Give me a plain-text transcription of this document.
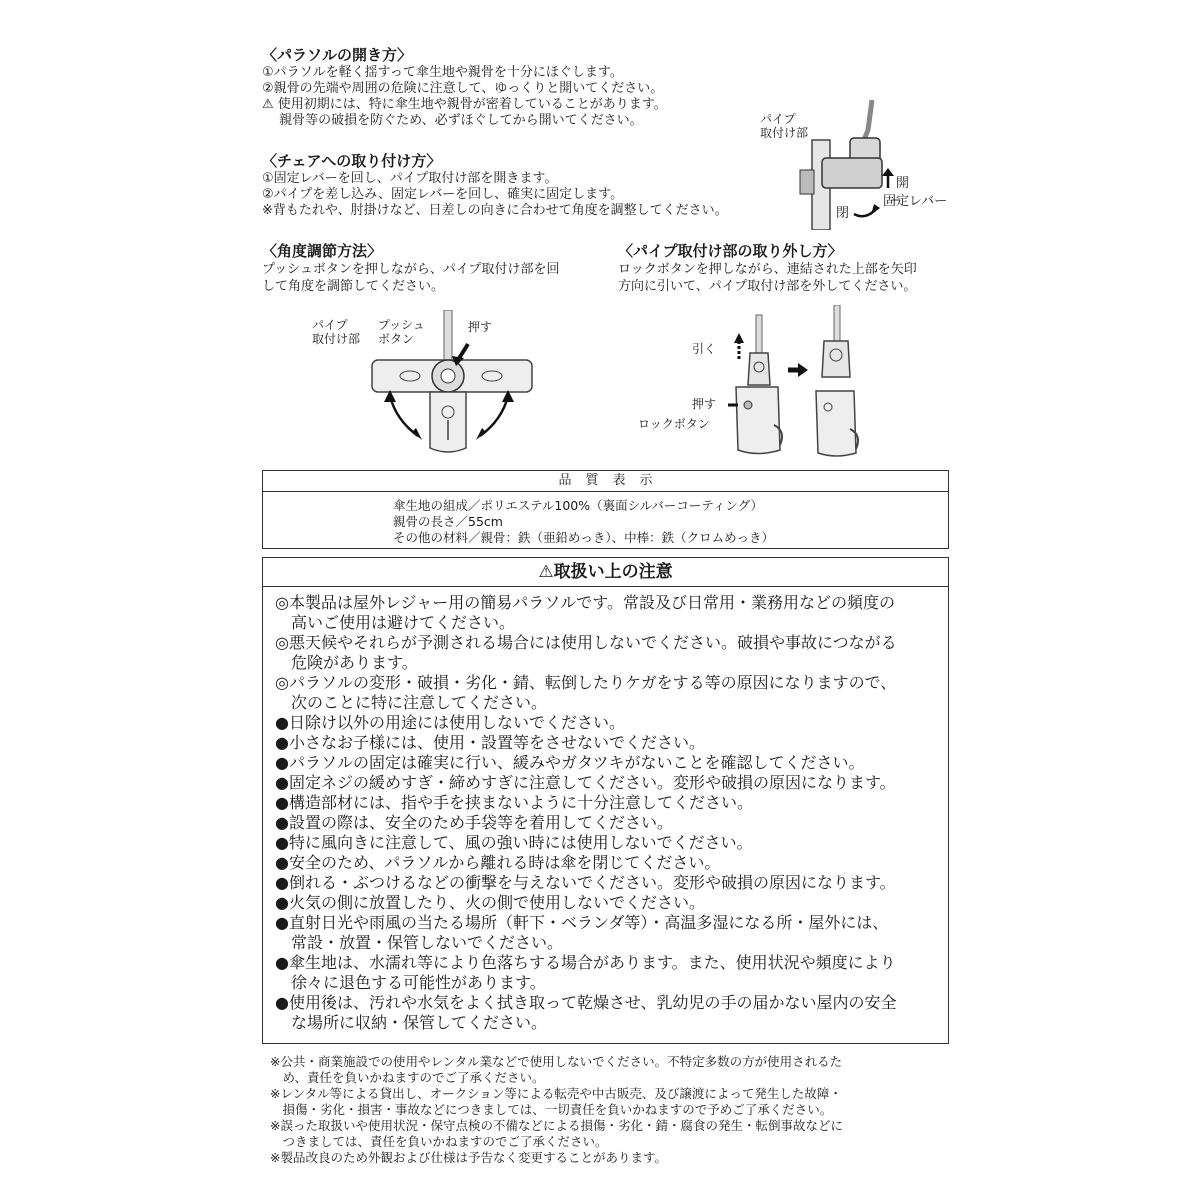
〈パラソルの開き方〉
①パラソルを軽く揺すって傘生地や親骨を十分にほぐします。
②親骨の先端や周囲の危険に注意して、ゆっくりと開いてください。
⚠ 使用初期には、特に傘生地や親骨が密着していることがあります。
　 親骨等の破損を防ぐため、必ずほぐしてから開いてください。
〈チェアへの取り付け方〉
①固定レバーを回し、パイプ取付け部を開きます。
②パイプを差し込み、固定レバーを回し、確実に固定します。
※背もたれや、肘掛けなど、日差しの向きに合わせて角度を調整してください。
パイプ
取付け部
開
閉
固定レバー
〈角度調節方法〉
プッシュボタンを押しながら、パイプ取付け部を回
して角度を調節してください。
パイプ
取付け部
プッシュ
ボタン
押す
〈パイプ取付け部の取り外し方〉
ロックボタンを押しながら、連結された上部を矢印
方向に引いて、パイプ取付け部を外してください。
引く
押す
ロックボタン
品質表示
傘生地の組成／ポリエステル100%（裏面シルバーコーティング）
親骨の長さ／55cm
その他の材料／親骨：鉄（亜鉛めっき）、中棒：鉄（クロムめっき）
⚠取扱い上の注意
◎本製品は屋外レジャー用の簡易パラソルです。常設及び日常用・業務用などの頻度の
　高いご使用は避けてください。
◎悪天候やそれらが予測される場合には使用しないでください。破損や事故につながる
　危険があります。
◎パラソルの変形・破損・劣化・錆、転倒したりケガをする等の原因になりますので、
　次のことに特に注意してください。
●日除け以外の用途には使用しないでください。
●小さなお子様には、使用・設置等をさせないでください。
●パラソルの固定は確実に行い、緩みやガタツキがないことを確認してください。
●固定ネジの緩めすぎ・締めすぎに注意してください。変形や破損の原因になります。
●構造部材には、指や手を挟まないように十分注意してください。
●設置の際は、安全のため手袋等を着用してください。
●特に風向きに注意して、風の強い時には使用しないでください。
●安全のため、パラソルから離れる時は傘を閉じてください。
●倒れる・ぶつけるなどの衝撃を与えないでください。変形や破損の原因になります。
●火気の側に放置したり、火の側で使用しないでください。
●直射日光や雨風の当たる場所（軒下・ベランダ等）・高温多湿になる所・屋外には、
　常設・放置・保管しないでください。
●傘生地は、水濡れ等により色落ちする場合があります。また、使用状況や頻度により
　徐々に退色する可能性があります。
●使用後は、汚れや水気をよく拭き取って乾燥させ、乳幼児の手の届かない屋内の安全
　な場所に収納・保管してください。
※公共・商業施設での使用やレンタル業などで使用しないでください。不特定多数の方が使用されるた
　め、責任を負いかねますのでご了承ください。
※レンタル等による貸出し、オークション等による転売や中古販売、及び譲渡によって発生した故障・
　損傷・劣化・損害・事故などにつきましては、一切責任を負いかねますので予めご了承ください。
※誤った取扱いや使用状況・保守点検の不備などによる損傷・劣化・錆・腐食の発生・転倒事故などに
　つきましては、責任を負いかねますのでご了承ください。
※製品改良のため外観および仕様は予告なく変更することがあります。
